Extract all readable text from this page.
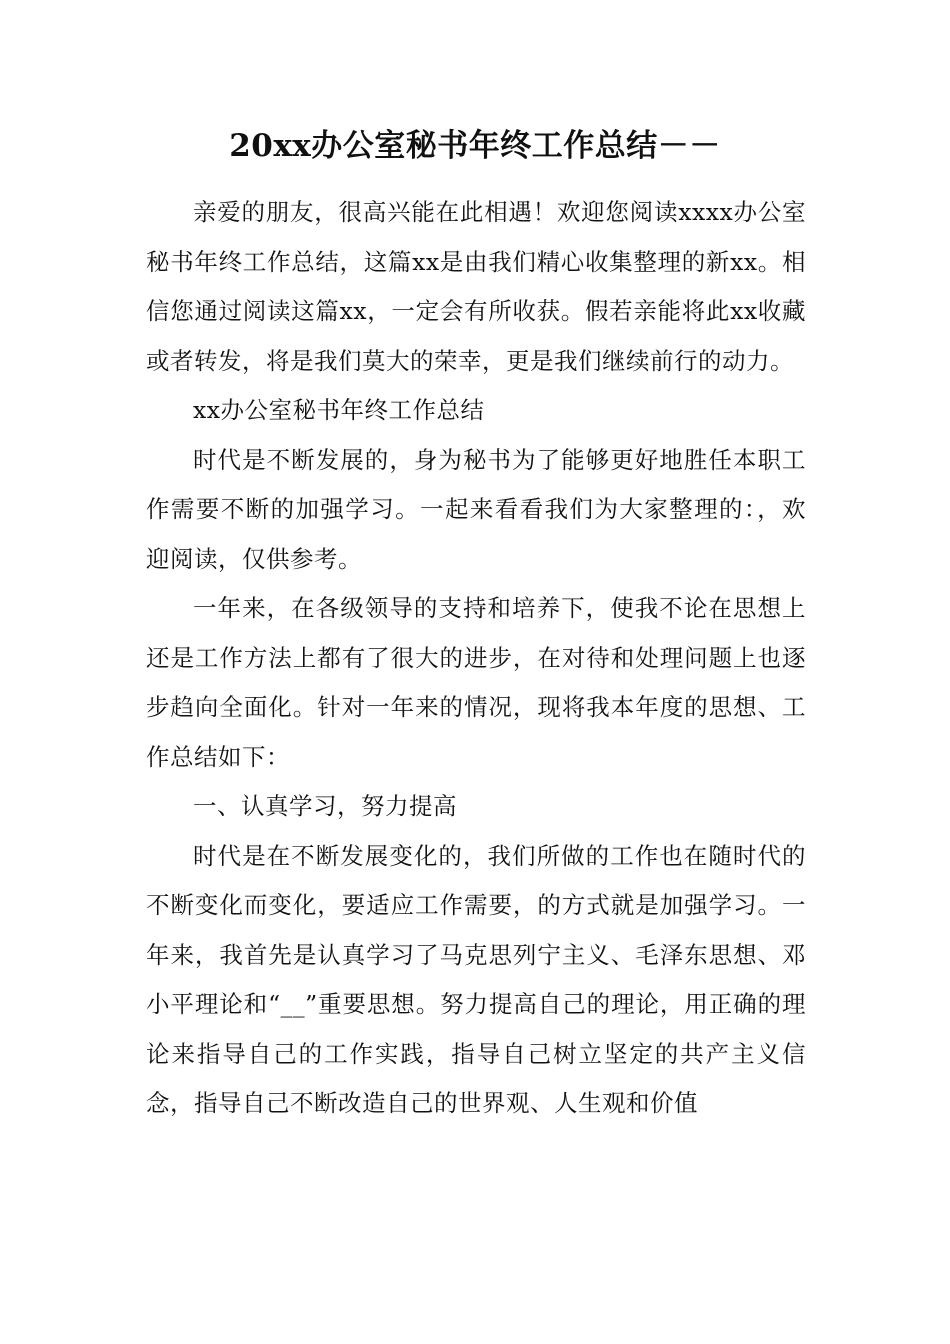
20xx办公室秘书年终工作总结－－

亲爱的朋友，很高兴能在此相遇！欢迎您阅读xxxx办公室秘书年终工作总结，这篇xx是由我们精心收集整理的新xx。相信您通过阅读这篇xx，一定会有所收获。假若亲能将此xx收藏或者转发，将是我们莫大的荣幸，更是我们继续前行的动力。

xx办公室秘书年终工作总结

时代是不断发展的，身为秘书为了能够更好地胜任本职工作需要不断的加强学习。一起来看看我们为大家整理的：，欢迎阅读，仅供参考。

一年来，在各级领导的支持和培养下，使我不论在思想上还是工作方法上都有了很大的进步，在对待和处理问题上也逐步趋向全面化。针对一年来的情况，现将我本年度的思想、工作总结如下：

一、认真学习，努力提高

时代是在不断发展变化的，我们所做的工作也在随时代的不断变化而变化，要适应工作需要，的方式就是加强学习。一年来，我首先是认真学习了马克思列宁主义、毛泽东思想、邓小平理论和“__”重要思想。努力提高自己的理论，用正确的理论来指导自己的工作实践，指导自己树立坚定的共产主义信念，指导自己不断改造自己的世界观、人生观和价值
